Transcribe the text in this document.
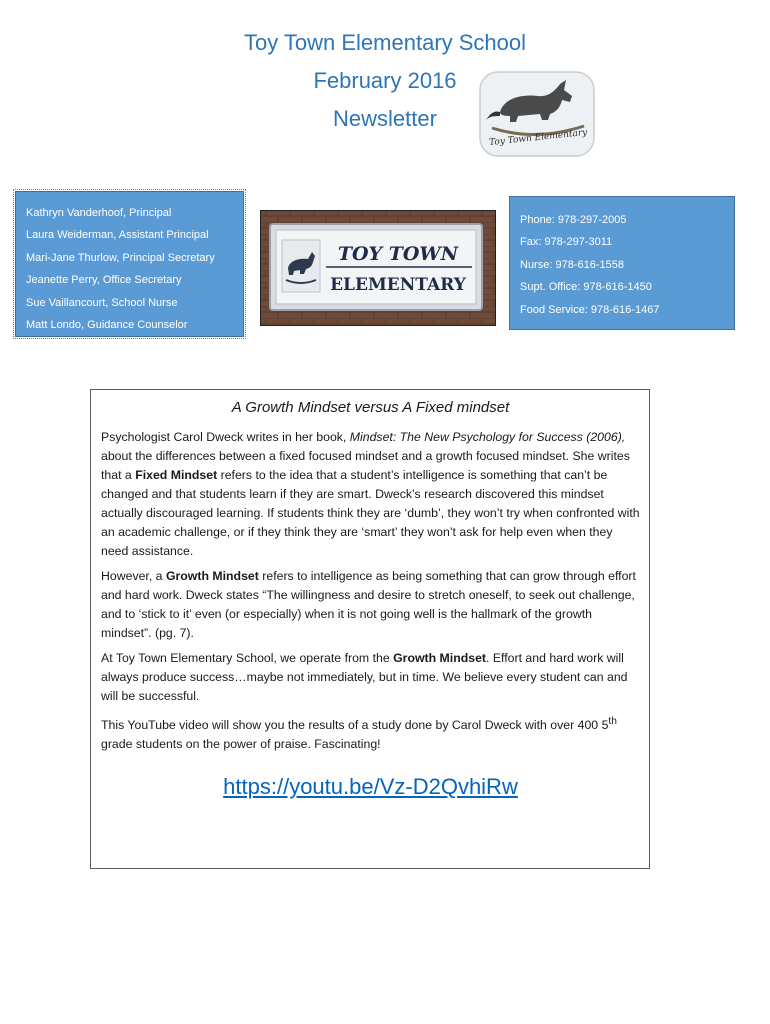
Toy Town Elementary School
February 2016
Newsletter
Toy Town Elementary
Kathryn Vanderhoof, Principal
Laura Weiderman, Assistant Principal
Mari-Jane Thurlow, Principal Secretary
Jeanette Perry, Office Secretary
Sue Vaillancourt, School Nurse
Matt Londo, Guidance Counselor
TOY TOWN
ELEMENTARY
Phone: 978-297-2005
Fax: 978-297-3011
Nurse: 978-616-1558
Supt. Office: 978-616-1450
Food Service: 978-616-1467
A Growth Mindset versus A Fixed mindset

Psychologist Carol Dweck writes in her book, Mindset: The New Psychology for Success (2006), about the differences between a fixed focused mindset and a growth focused mindset. She writes that a Fixed Mindset refers to the idea that a student’s intelligence is something that can’t be changed and that students learn if they are smart. Dweck’s research discovered this mindset actually discouraged learning. If students think they are ‘dumb’, they won’t try when confronted with an academic challenge, or if they think they are ‘smart’ they won’t ask for help even when they need assistance.

However, a Growth Mindset refers to intelligence as being something that can grow through effort and hard work. Dweck states “The willingness and desire to stretch oneself, to seek out challenge, and to ‘stick to it’ even (or especially) when it is not going well is the hallmark of the growth mindset”. (pg. 7).

At Toy Town Elementary School, we operate from the Growth Mindset. Effort and hard work will always produce success…maybe not immediately, but in time. We believe every student can and will be successful.

This YouTube video will show you the results of a study done by Carol Dweck with over 400 5th grade students on the power of praise. Fascinating!

https://youtu.be/Vz-D2QvhiRw
